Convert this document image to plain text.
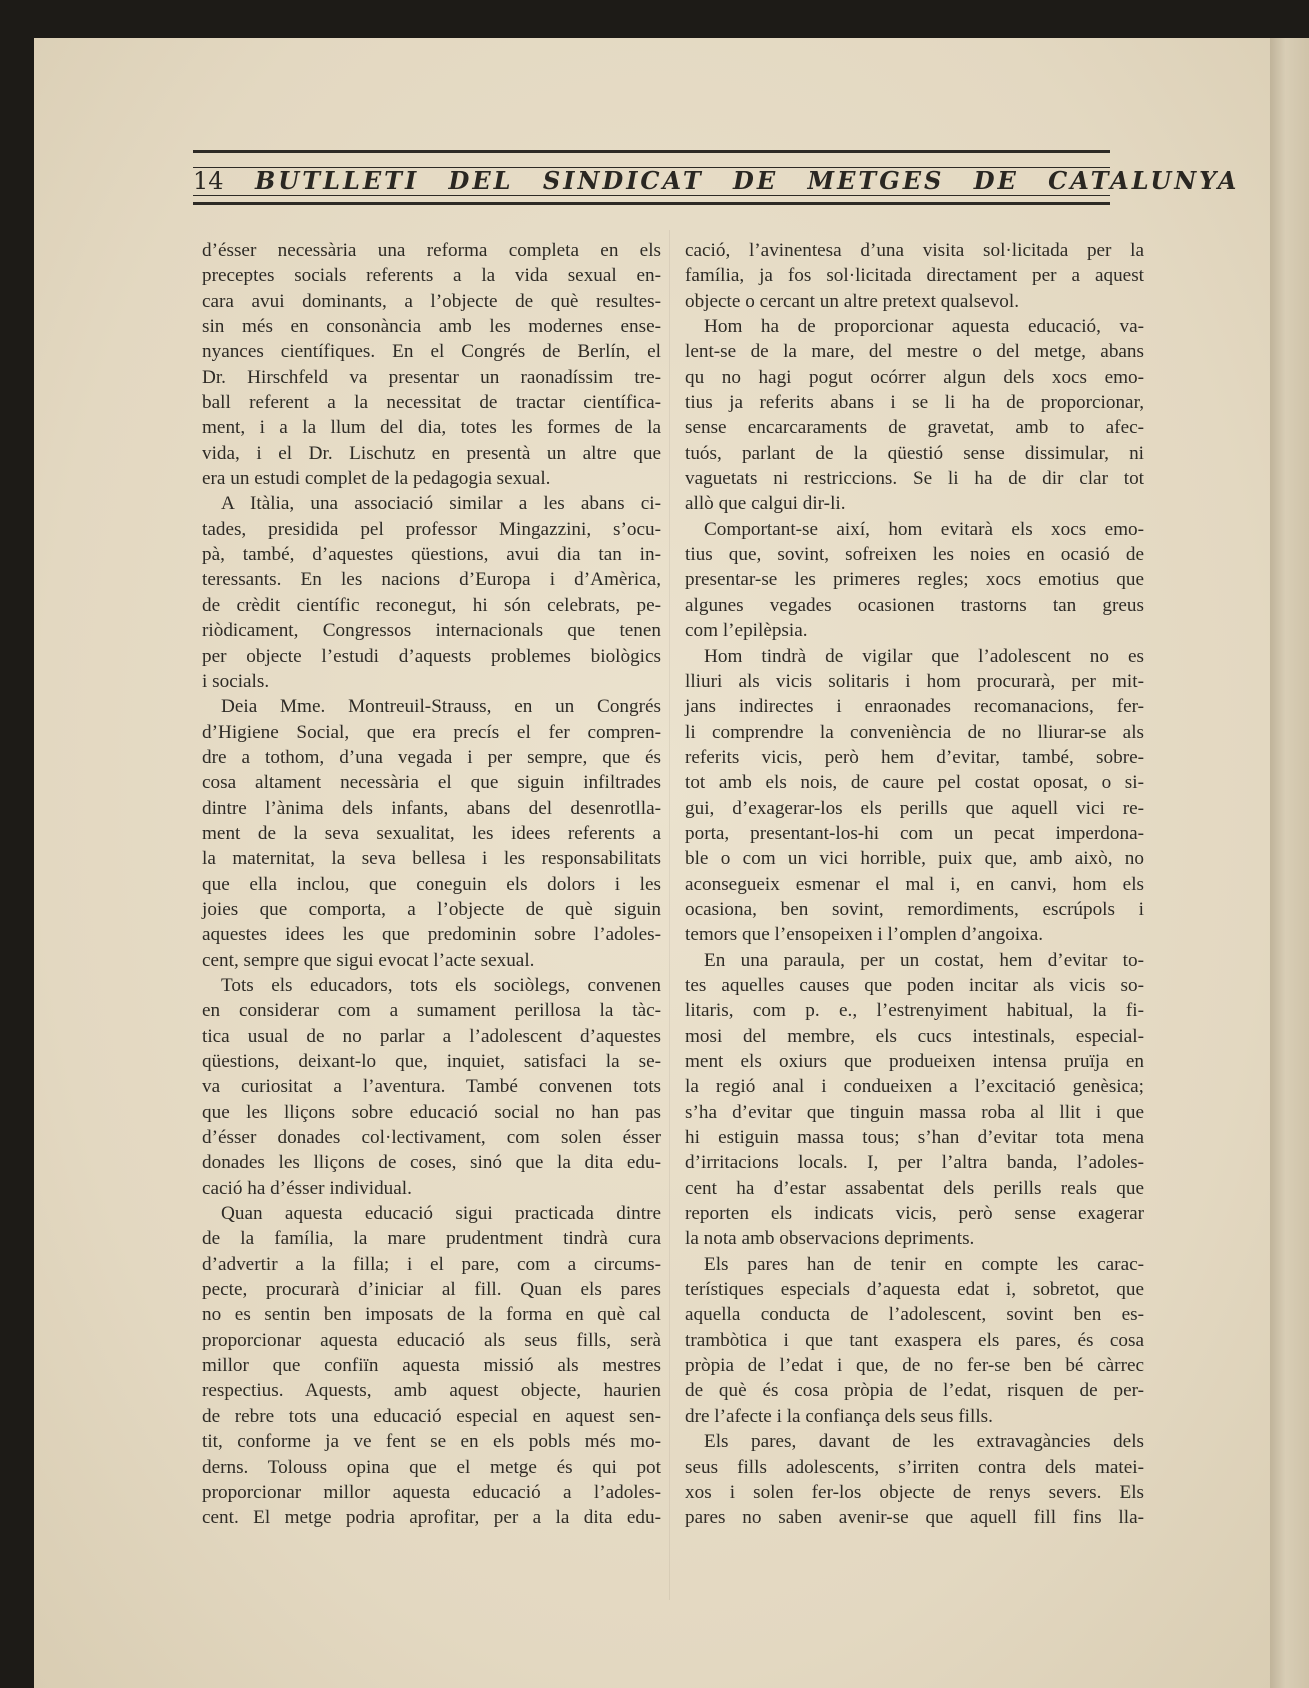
14 BUTLLETI DEL SINDICAT DE METGES DE CATALUNYA
d’ésser necessària una reforma completa en els
preceptes socials referents a la vida sexual en-
cara avui dominants, a l’objecte de què resultes-
sin més en consonància amb les modernes ense-
nyances científiques. En el Congrés de Berlín, el
Dr. Hirschfeld va presentar un raonadíssim tre-
ball referent a la necessitat de tractar científica-
ment, i a la llum del dia, totes les formes de la
vida, i el Dr. Lischutz en presentà un altre que
era un estudi complet de la pedagogia sexual.
A Itàlia, una associació similar a les abans ci-
tades, presidida pel professor Mingazzini, s’ocu-
pà, també, d’aquestes qüestions, avui dia tan in-
teressants. En les nacions d’Europa i d’Amèrica,
de crèdit científic reconegut, hi són celebrats, pe-
riòdicament, Congressos internacionals que tenen
per objecte l’estudi d’aquests problemes biològics
i socials.
Deia Mme. Montreuil-Strauss, en un Congrés
d’Higiene Social, que era precís el fer compren-
dre a tothom, d’una vegada i per sempre, que és
cosa altament necessària el que siguin infiltrades
dintre l’ànima dels infants, abans del desenrotlla-
ment de la seva sexualitat, les idees referents a
la maternitat, la seva bellesa i les responsabilitats
que ella inclou, que coneguin els dolors i les
joies que comporta, a l’objecte de què siguin
aquestes idees les que predominin sobre l’adoles-
cent, sempre que sigui evocat l’acte sexual.
Tots els educadors, tots els sociòlegs, convenen
en considerar com a sumament perillosa la tàc-
tica usual de no parlar a l’adolescent d’aquestes
qüestions, deixant-lo que, inquiet, satisfaci la se-
va curiositat a l’aventura. També convenen tots
que les lliçons sobre educació social no han pas
d’ésser donades col·lectivament, com solen ésser
donades les lliçons de coses, sinó que la dita edu-
cació ha d’ésser individual.
Quan aquesta educació sigui practicada dintre
de la família, la mare prudentment tindrà cura
d’advertir a la filla; i el pare, com a circums-
pecte, procurarà d’iniciar al fill. Quan els pares
no es sentin ben imposats de la forma en què cal
proporcionar aquesta educació als seus fills, serà
millor que confiïn aquesta missió als mestres
respectius. Aquests, amb aquest objecte, haurien
de rebre tots una educació especial en aquest sen-
tit, conforme ja ve fent se en els pobls més mo-
derns. Tolouss opina que el metge és qui pot
proporcionar millor aquesta educació a l’adoles-
cent. El metge podria aprofitar, per a la dita edu-
cació, l’avinentesa d’una visita sol·licitada per la
família, ja fos sol·licitada directament per a aquest
objecte o cercant un altre pretext qualsevol.
Hom ha de proporcionar aquesta educació, va-
lent-se de la mare, del mestre o del metge, abans
qu no hagi pogut ocórrer algun dels xocs emo-
tius ja referits abans i se li ha de proporcionar,
sense encarcaraments de gravetat, amb to afec-
tuós, parlant de la qüestió sense dissimular, ni
vaguetats ni restriccions. Se li ha de dir clar tot
allò que calgui dir-li.
Comportant-se així, hom evitarà els xocs emo-
tius que, sovint, sofreixen les noies en ocasió de
presentar-se les primeres regles; xocs emotius que
algunes vegades ocasionen trastorns tan greus
com l’epilèpsia.
Hom tindrà de vigilar que l’adolescent no es
lliuri als vicis solitaris i hom procurarà, per mit-
jans indirectes i enraonades recomanacions, fer-
li comprendre la conveniència de no lliurar-se als
referits vicis, però hem d’evitar, també, sobre-
tot amb els nois, de caure pel costat oposat, o si-
gui, d’exagerar-los els perills que aquell vici re-
porta, presentant-los-hi com un pecat imperdona-
ble o com un vici horrible, puix que, amb això, no
aconsegueix esmenar el mal i, en canvi, hom els
ocasiona, ben sovint, remordiments, escrúpols i
temors que l’ensopeixen i l’omplen d’angoixa.
En una paraula, per un costat, hem d’evitar to-
tes aquelles causes que poden incitar als vicis so-
litaris, com p. e., l’estrenyiment habitual, la fi-
mosi del membre, els cucs intestinals, especial-
ment els oxiurs que produeixen intensa pruïja en
la regió anal i condueixen a l’excitació genèsica;
s’ha d’evitar que tinguin massa roba al llit i que
hi estiguin massa tous; s’han d’evitar tota mena
d’irritacions locals. I, per l’altra banda, l’adoles-
cent ha d’estar assabentat dels perills reals que
reporten els indicats vicis, però sense exagerar
la nota amb observacions depriments.
Els pares han de tenir en compte les carac-
terístiques especials d’aquesta edat i, sobretot, que
aquella conducta de l’adolescent, sovint ben es-
trambòtica i que tant exaspera els pares, és cosa
pròpia de l’edat i que, de no fer-se ben bé càrrec
de què és cosa pròpia de l’edat, risquen de per-
dre l’afecte i la confiança dels seus fills.
Els pares, davant de les extravagàncies dels
seus fills adolescents, s’irriten contra dels matei-
xos i solen fer-los objecte de renys severs. Els
pares no saben avenir-se que aquell fill fins lla-
